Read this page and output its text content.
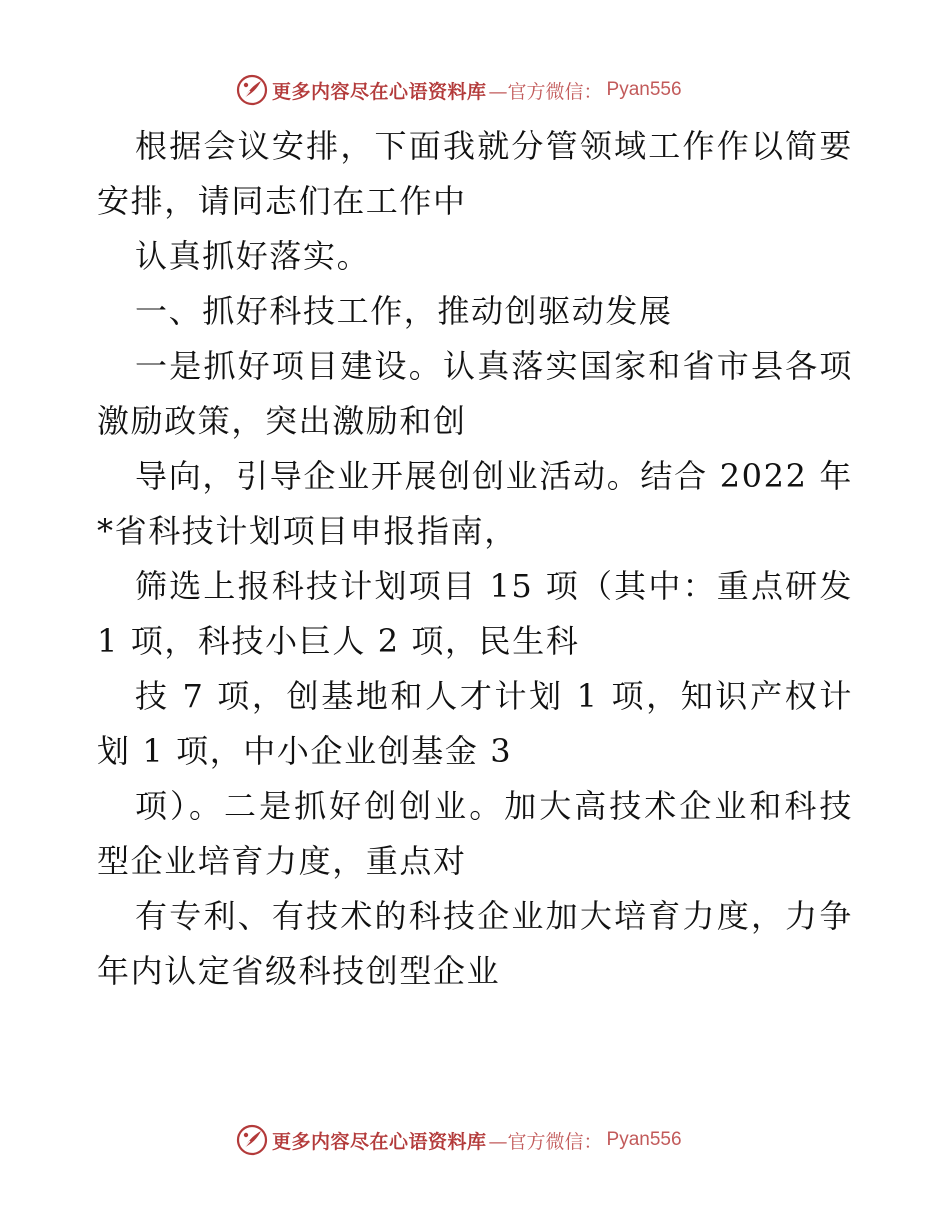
更多内容尽在心语资料库 —官方微信： Pyan556

根据会议安排，下面我就分管领域工作作以简要安排，请同志们在工作中

认真抓好落实。

一、抓好科技工作，推动创驱动发展

一是抓好项目建设。认真落实国家和省市县各项激励政策，突出激励和创

导向，引导企业开展创创业活动。结合 2022 年*省科技计划项目申报指南，

筛选上报科技计划项目 15 项（其中：重点研发 1 项，科技小巨人 2 项，民生科

技 7 项，创基地和人才计划 1 项，知识产权计划 1 项，中小企业创基金 3

项）。二是抓好创创业。加大高技术企业和科技型企业培育力度，重点对

有专利、有技术的科技企业加大培育力度，力争年内认定省级科技创型企业

更多内容尽在心语资料库 —官方微信： Pyan556
